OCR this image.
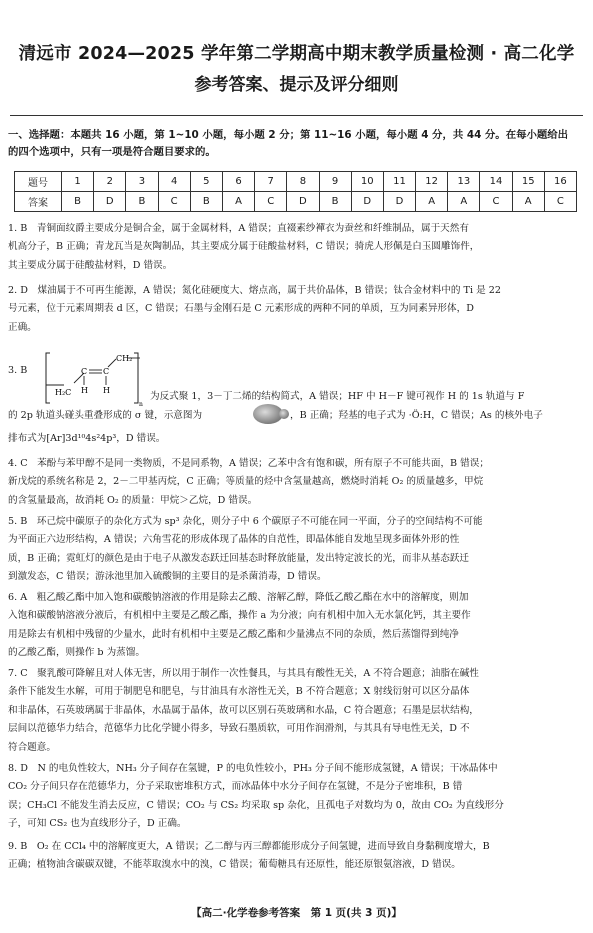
清远市 2024—2025 学年第二学期高中期末教学质量检测 · 高二化学
参考答案、提示及评分细则
一、选择题：本题共 16 小题，第 1~10 小题，每小题 2 分；第 11~16 小题，每小题 4 分，共 44 分。在每小题给出
的四个选项中，只有一项是符合题目要求的。
题号	1	2	3	4	5	6	7	8	9	10	11	12	13	14	15	16
答案	B	D	B	C	B	A	C	D	B	D	D	A	A	C	A	C
1. B　青铜面纹爵主要成分是铜合金，属于金属材料，A 错误；直裰素纱襌衣为蚕丝和纤维制品，属于天然有
机高分子，B 正确；青龙瓦当是灰陶制品，其主要成分属于硅酸盐材料，C 错误；骑虎人形佩是白玉圆雕饰件，
其主要成分属于硅酸盐材料，D 错误。
2. D　煤油属于不可再生能源，A 错误；氮化硅硬度大、熔点高，属于共价晶体，B 错误；钛合金材料中的 Ti 是 22
号元素，位于元素周期表 d 区，C 错误；石墨与金刚石是 C 元素形成的两种不同的单质，互为同素异形体，D
正确。
3. B
CH₂
H₂C
C C
H H
n
为反式聚 1，3－丁二烯的结构简式，A 错误；HF 中 H－F 键可视作 H 的 1s 轨道与 F
的 2p 轨道头碰头重叠形成的 σ 键，示意图为	，B 正确；羟基的电子式为 ·Ö:H，C 错误；As 的核外电子
排布式为[Ar]3d¹⁰4s²4p³，D 错误。
4. C　苯酚与苯甲醇不是同一类物质，不是同系物，A 错误；乙苯中含有饱和碳，所有原子不可能共面，B 错误；
新戊烷的系统名称是 2，2－二甲基丙烷，C 正确；等质量的烃中含氢量越高，燃烧时消耗 O₂ 的质量越多，甲烷
的含氢量最高，故消耗 O₂ 的质量：甲烷＞乙烷，D 错误。
5. B　环己烷中碳原子的杂化方式为 sp³ 杂化，则分子中 6 个碳原子不可能在同一平面，分子的空间结构不可能
为平面正六边形结构，A 错误；六角雪花的形成体现了晶体的自范性，即晶体能自发地呈现多面体外形的性
质，B 正确；霓虹灯的颜色是由于电子从激发态跃迁回基态时释放能量，发出特定波长的光，而非从基态跃迁
到激发态，C 错误；游泳池里加入硫酸铜的主要目的是杀菌消毒，D 错误。
6. A　粗乙酸乙酯中加入饱和碳酸钠溶液的作用是除去乙酸、溶解乙醇，降低乙酸乙酯在水中的溶解度，则加
入饱和碳酸钠溶液分液后，有机相中主要是乙酸乙酯，操作 a 为分液；向有机相中加入无水氯化钙，其主要作
用是除去有机相中残留的少量水，此时有机相中主要是乙酸乙酯和少量沸点不同的杂质，然后蒸馏得到纯净
的乙酸乙酯，则操作 b 为蒸馏。
7. C　聚乳酸可降解且对人体无害，所以用于制作一次性餐具，与其具有酸性无关，A 不符合题意；油脂在碱性
条件下能发生水解，可用于制肥皂和肥皂，与甘油具有水溶性无关，B 不符合题意；X 射线衍射可以区分晶体
和非晶体，石英玻璃属于非晶体，水晶属于晶体，故可以区别石英玻璃和水晶，C 符合题意；石墨是层状结构，
层间以范德华力结合，范德华力比化学键小得多，导致石墨质软，可用作润滑剂，与其具有导电性无关，D 不
符合题意。
8. D　N 的电负性较大，NH₃ 分子间存在氢键，P 的电负性较小，PH₃ 分子间不能形成氢键，A 错误；干冰晶体中
CO₂ 分子间只存在范德华力，分子采取密堆积方式，而冰晶体中水分子间存在氢键，不是分子密堆积，B 错
误；CH₃Cl 不能发生消去反应，C 错误；CO₂ 与 CS₂ 均采取 sp 杂化，且孤电子对数均为 0，故由 CO₂ 为直线形分
子，可知 CS₂ 也为直线形分子，D 正确。
9. B　O₂ 在 CCl₄ 中的溶解度更大，A 错误；乙二醇与丙三醇都能形成分子间氢键，进而导致自身黏稠度增大，B
正确；植物油含碳碳双键，不能萃取溴水中的溴，C 错误；葡萄糖具有还原性，能还原银氨溶液，D 错误。
【高二·化学卷参考答案　第 1 页(共 3 页)】
